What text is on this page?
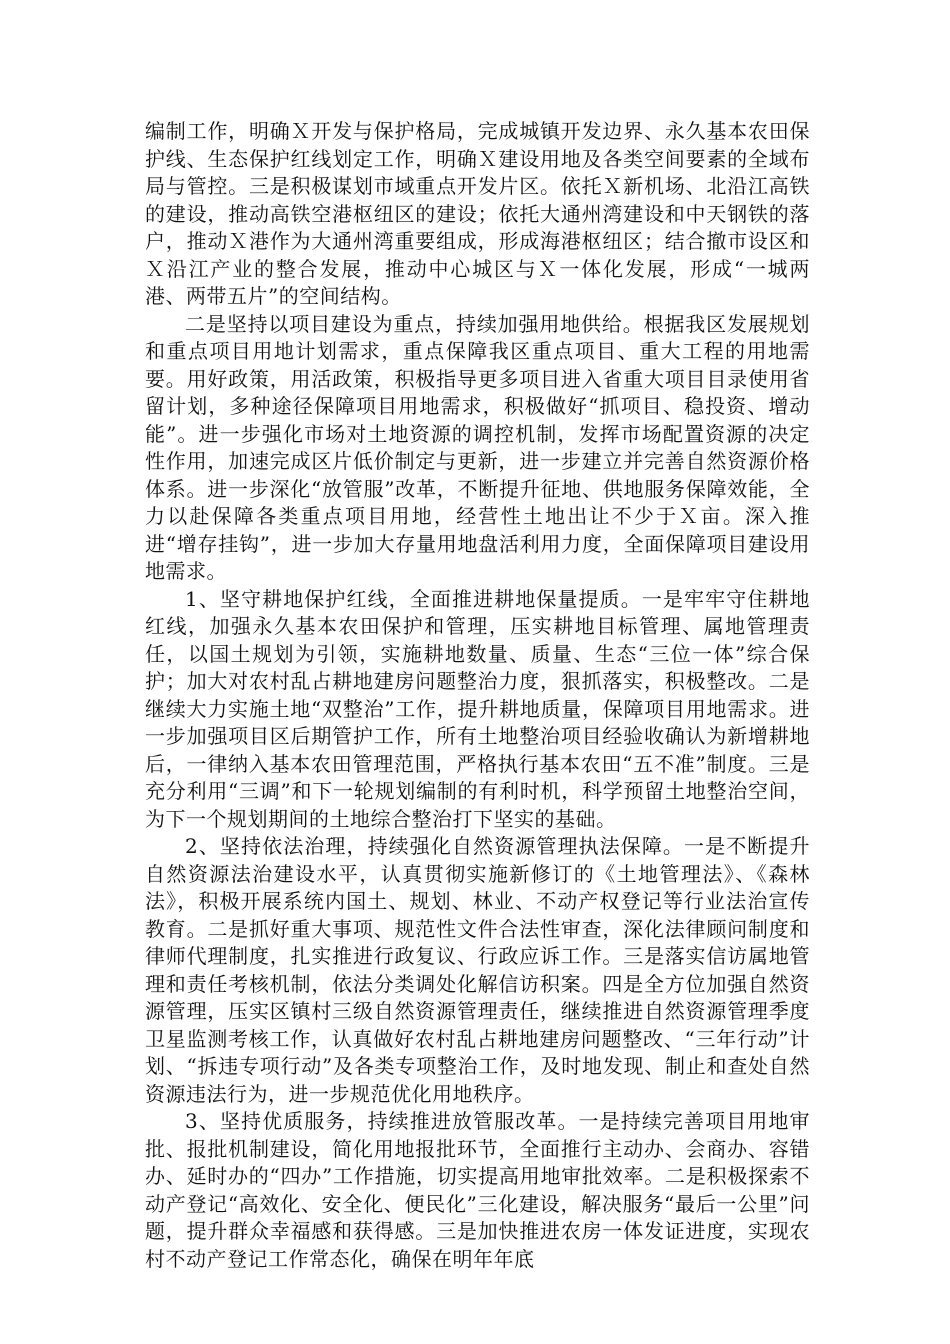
编制工作，明确Ｘ开发与保护格局，完成城镇开发边界、永久基本农田保护线、生态保护红线划定工作，明确Ｘ建设用地及各类空间要素的全域布局与管控。三是积极谋划市域重点开发片区。依托Ｘ新机场、北沿江高铁的建设，推动高铁空港枢纽区的建设；依托大通州湾建设和中天钢铁的落户，推动Ｘ港作为大通州湾重要组成，形成海港枢纽区；结合撤市设区和Ｘ沿江产业的整合发展，推动中心城区与Ｘ一体化发展，形成“一城两港、两带五片”的空间结构。

二是坚持以项目建设为重点，持续加强用地供给。根据我区发展规划和重点项目用地计划需求，重点保障我区重点项目、重大工程的用地需要。用好政策，用活政策，积极指导更多项目进入省重大项目目录使用省留计划，多种途径保障项目用地需求，积极做好“抓项目、稳投资、增动能”。进一步强化市场对土地资源的调控机制，发挥市场配置资源的决定性作用，加速完成区片低价制定与更新，进一步建立并完善自然资源价格体系。进一步深化“放管服”改革，不断提升征地、供地服务保障效能，全力以赴保障各类重点项目用地，经营性土地出让不少于Ｘ亩。深入推进“增存挂钩”，进一步加大存量用地盘活利用力度，全面保障项目建设用地需求。

1、坚守耕地保护红线，全面推进耕地保量提质。一是牢牢守住耕地红线，加强永久基本农田保护和管理，压实耕地目标管理、属地管理责任，以国土规划为引领，实施耕地数量、质量、生态“三位一体”综合保护；加大对农村乱占耕地建房问题整治力度，狠抓落实，积极整改。二是继续大力实施土地“双整治”工作，提升耕地质量，保障项目用地需求。进一步加强项目区后期管护工作，所有土地整治项目经验收确认为新增耕地后，一律纳入基本农田管理范围，严格执行基本农田“五不准”制度。三是充分利用“三调”和下一轮规划编制的有利时机，科学预留土地整治空间，为下一个规划期间的土地综合整治打下坚实的基础。

2、坚持依法治理，持续强化自然资源管理执法保障。一是不断提升自然资源法治建设水平，认真贯彻实施新修订的《土地管理法》、《森林法》，积极开展系统内国土、规划、林业、不动产权登记等行业法治宣传教育。二是抓好重大事项、规范性文件合法性审查，深化法律顾问制度和律师代理制度，扎实推进行政复议、行政应诉工作。三是落实信访属地管理和责任考核机制，依法分类调处化解信访积案。四是全方位加强自然资源管理，压实区镇村三级自然资源管理责任，继续推进自然资源管理季度卫星监测考核工作，认真做好农村乱占耕地建房问题整改、“三年行动”计划、“拆违专项行动”及各类专项整治工作，及时地发现、制止和查处自然资源违法行为，进一步规范优化用地秩序。

3、坚持优质服务，持续推进放管服改革。一是持续完善项目用地审批、报批机制建设，简化用地报批环节，全面推行主动办、会商办、容错办、延时办的“四办”工作措施，切实提高用地审批效率。二是积极探索不动产登记“高效化、安全化、便民化”三化建设，解决服务“最后一公里”问题，提升群众幸福感和获得感。三是加快推进农房一体发证进度，实现农村不动产登记工作常态化，确保在明年年底
